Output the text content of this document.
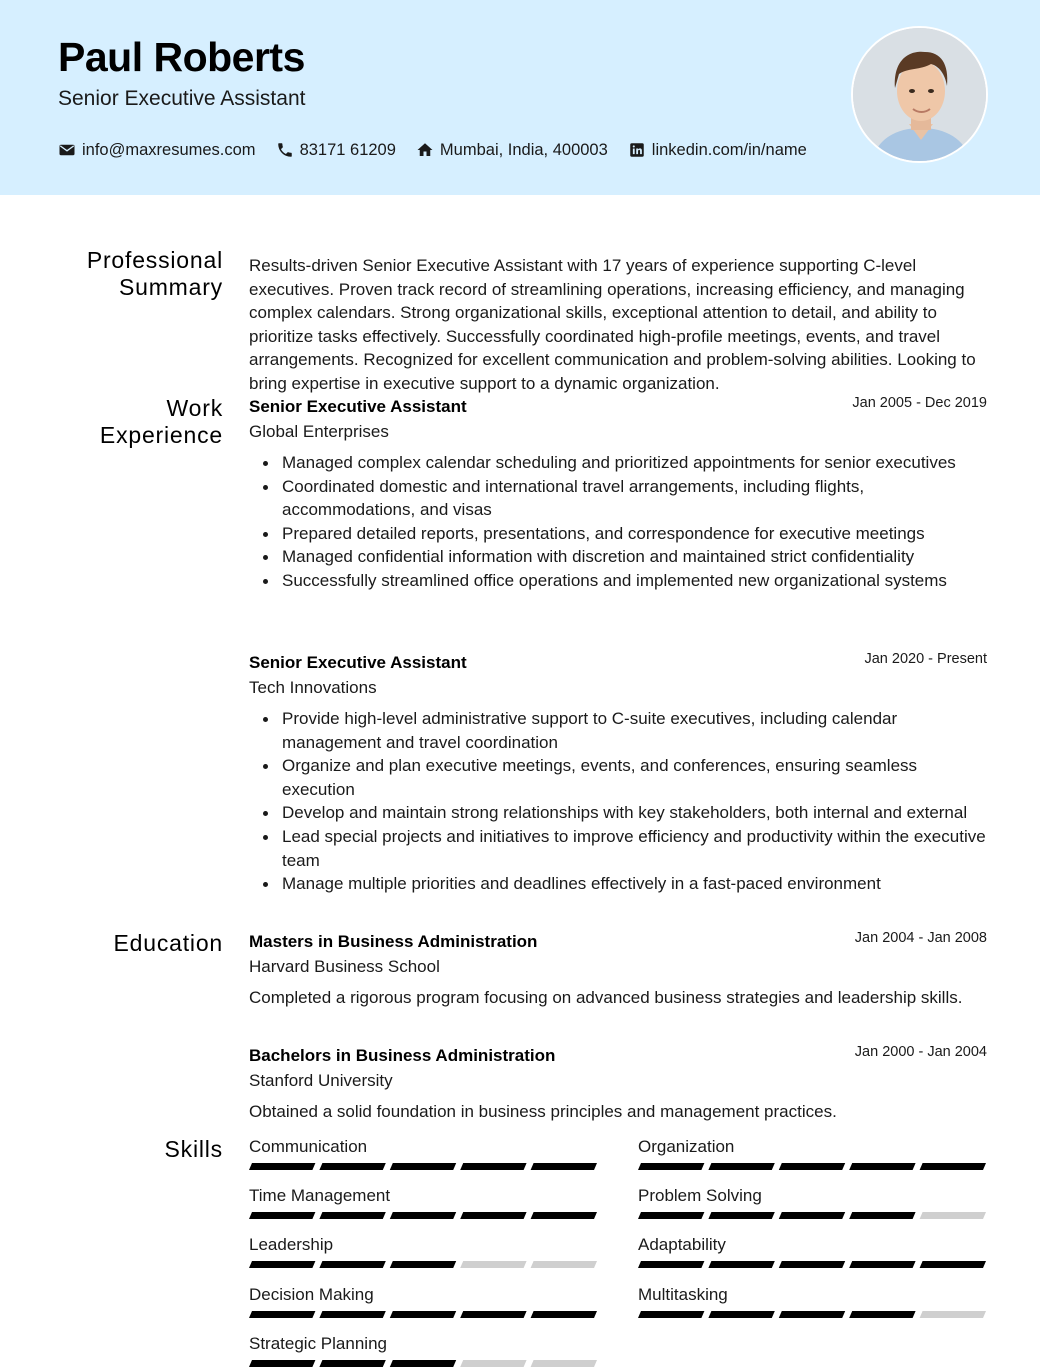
Paul Roberts
Senior Executive Assistant
info@maxresumes.com	83171 61209	Mumbai, India, 400003	linkedin.com/in/name
Professional
Summary
Work
Experience
Education
Skills
Results-driven Senior Executive Assistant with 17 years of experience supporting C-level executives. Proven track record of streamlining operations, increasing efficiency, and managing complex calendars. Strong organizational skills, exceptional attention to detail, and ability to prioritize tasks effectively. Successfully coordinated high-profile meetings, events, and travel arrangements. Recognized for excellent communication and problem-solving abilities. Looking to bring expertise in executive support to a dynamic organization.
Senior Executive Assistant	Jan 2005 - Dec 2019
Global Enterprises
Managed complex calendar scheduling and prioritized appointments for senior executives
Coordinated domestic and international travel arrangements, including flights, accommodations, and visas
Prepared detailed reports, presentations, and correspondence for executive meetings
Managed confidential information with discretion and maintained strict confidentiality
Successfully streamlined office operations and implemented new organizational systems
Senior Executive Assistant	Jan 2020 - Present
Tech Innovations
Provide high-level administrative support to C-suite executives, including calendar management and travel coordination
Organize and plan executive meetings, events, and conferences, ensuring seamless execution
Develop and maintain strong relationships with key stakeholders, both internal and external
Lead special projects and initiatives to improve efficiency and productivity within the executive team
Manage multiple priorities and deadlines effectively in a fast-paced environment
Masters in Business Administration	Jan 2004 - Jan 2008
Harvard Business School
Completed a rigorous program focusing on advanced business strategies and leadership skills.
Bachelors in Business Administration	Jan 2000 - Jan 2004
Stanford University
Obtained a solid foundation in business principles and management practices.
Communication	Organization
Time Management	Problem Solving
Leadership	Adaptability
Decision Making	Multitasking
Strategic Planning
